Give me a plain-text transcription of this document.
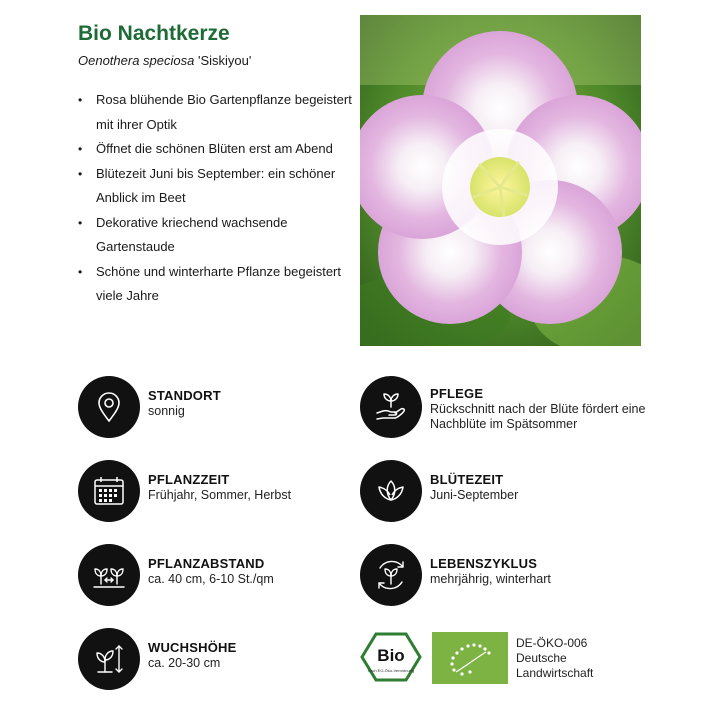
Bio Nachtkerze
Oenothera speciosa 'Siskiyou'
• Rosa blühende Bio Gartenpflanze begeistert mit ihrer Optik
• Öffnet die schönen Blüten erst am Abend
• Blütezeit Juni bis September: ein schöner Anblick im Beet
• Dekorative kriechend wachsende Gartenstaude
• Schöne und winterharte Pflanze begeistert viele Jahre
STANDORT
sonnig
PFLEGE
Rückschnitt nach der Blüte fördert eine Nachblüte im Spätsommer
PFLANZZEIT
Frühjahr, Sommer, Herbst
BLÜTEZEIT
Juni-September
PFLANZABSTAND
ca. 40 cm, 6-10 St./qm
LEBENSZYKLUS
mehrjährig, winterhart
WUCHSHÖHE
ca. 20-30 cm	Bio
nach EG-Öko-Verordnung
DE-ÖKO-006
Deutsche
Landwirtschaft
